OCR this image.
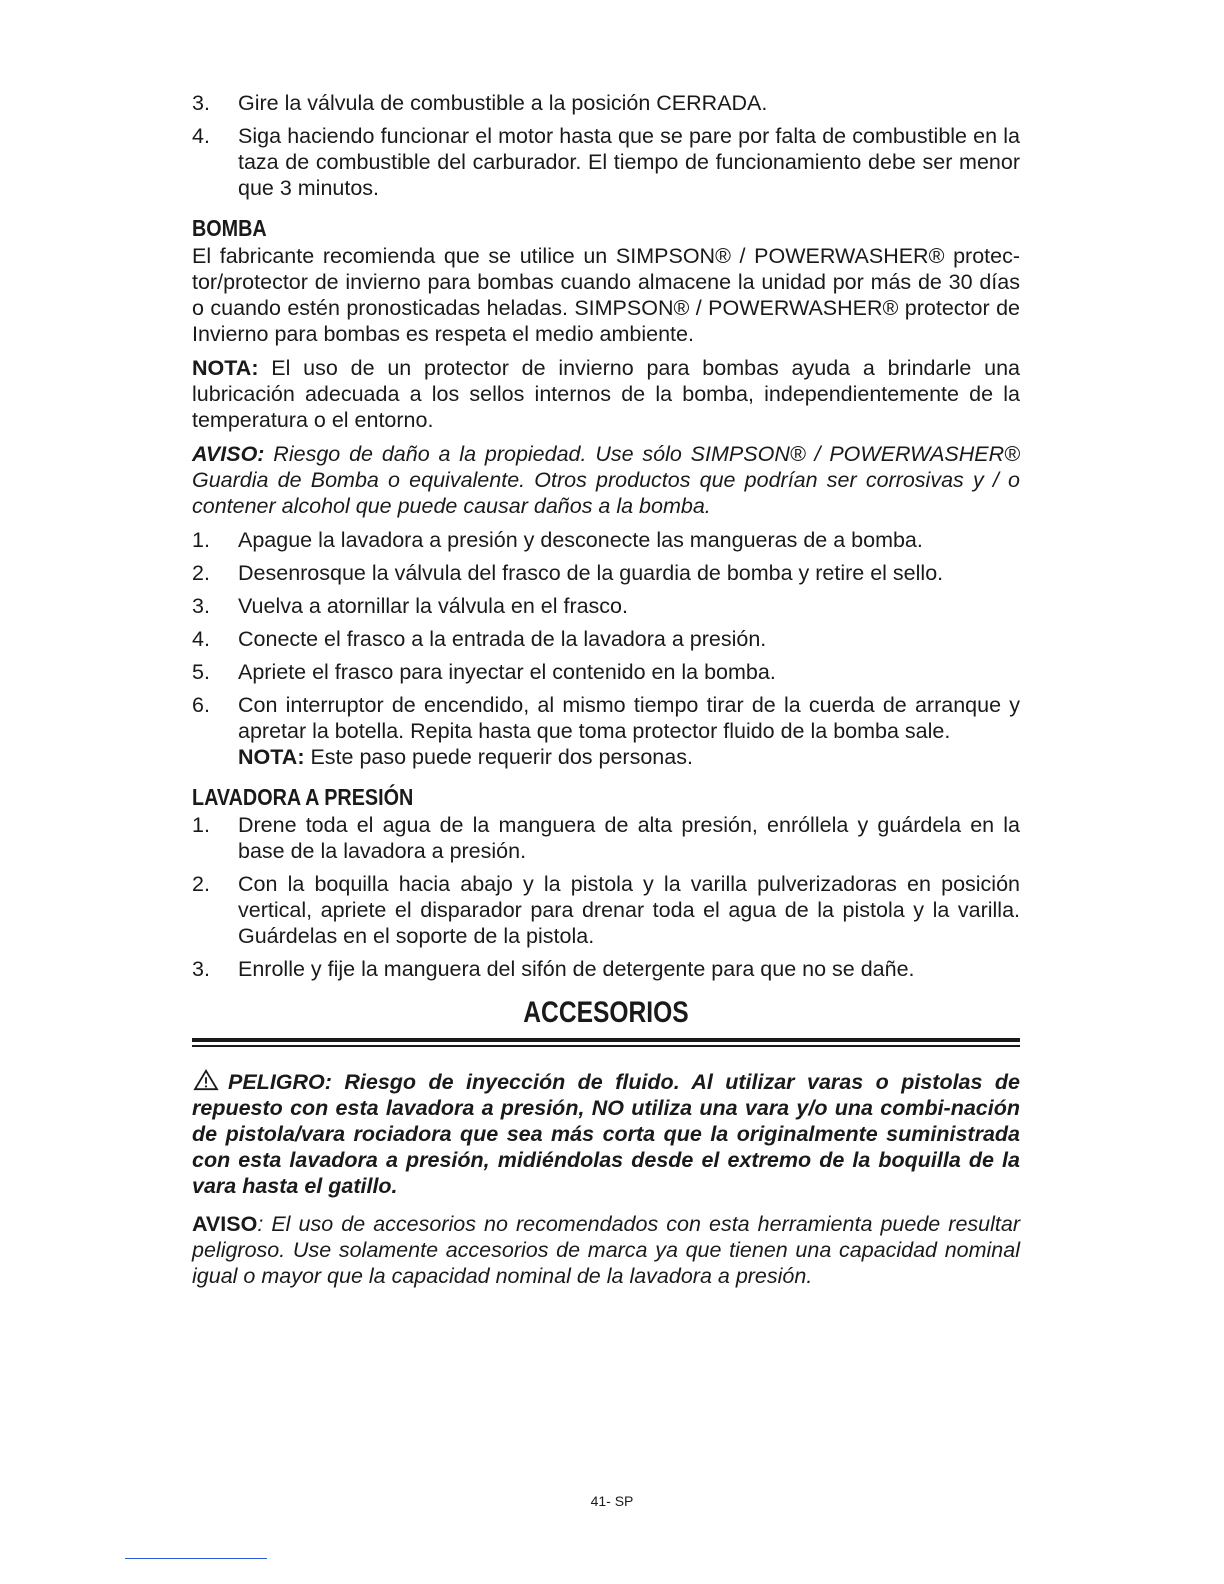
3.	Gire la válvula de combustible a la posición CERRADA.
4.	Siga haciendo funcionar el motor hasta que se pare por falta de combustible en la taza de combustible del carburador. El tiempo de funcionamiento debe ser menor que 3 minutos.
BOMBA
El fabricante recomienda que se utilice un SIMPSON® / POWERWASHER® protec-tor/protector de invierno para bombas cuando almacene la unidad por más de 30 días o cuando estén pronosticadas heladas. SIMPSON® / POWERWASHER® protector de Invierno para bombas es respeta el medio ambiente.
NOTA: El uso de un protector de invierno para bombas ayuda a brindarle una lubricación adecuada a los sellos internos de la bomba, independientemente de la temperatura o el entorno.
AVISO: Riesgo de daño a la propiedad. Use sólo SIMPSON® / POWERWASHER® Guardia de Bomba o equivalente. Otros productos que podrían ser corrosivas y / o contener alcohol que puede causar daños a la bomba.
1.	Apague la lavadora a presión y desconecte las mangueras de a bomba.
2.	Desenrosque la válvula del frasco de la guardia de bomba y retire el sello.
3.	Vuelva a atornillar la válvula en el frasco.
4.	Conecte el frasco a la entrada de la lavadora a presión.
5.	Apriete el frasco para inyectar el contenido en la bomba.
6.	Con interruptor de encendido, al mismo tiempo tirar de la cuerda de arranque y apretar la botella. Repita hasta que toma protector fluido de la bomba sale.
NOTA: Este paso puede requerir dos personas.
LAVADORA A PRESIÓN
1.	Drene toda el agua de la manguera de alta presión, enróllela y guárdela en la base de la lavadora a presión.
2.	Con la boquilla hacia abajo y la pistola y la varilla pulverizadoras en posición vertical, apriete el disparador para drenar toda el agua de la pistola y la varilla. Guárdelas en el soporte de la pistola.
3.	Enrolle y fije la manguera del sifón de detergente para que no se dañe.
ACCESORIOS
PELIGRO: Riesgo de inyección de fluido. Al utilizar varas o pistolas de repuesto con esta lavadora a presión, NO utiliza una vara y/o una combi-nación de pistola/vara rociadora que sea más corta que la originalmente suministrada con esta lavadora a presión, midiéndolas desde el extremo de la boquilla de la vara hasta el gatillo.
AVISO: El uso de accesorios no recomendados con esta herramienta puede resultar peligroso. Use solamente accesorios de marca ya que tienen una capacidad nominal igual o mayor que la capacidad nominal de la lavadora a presión.
41- SP
